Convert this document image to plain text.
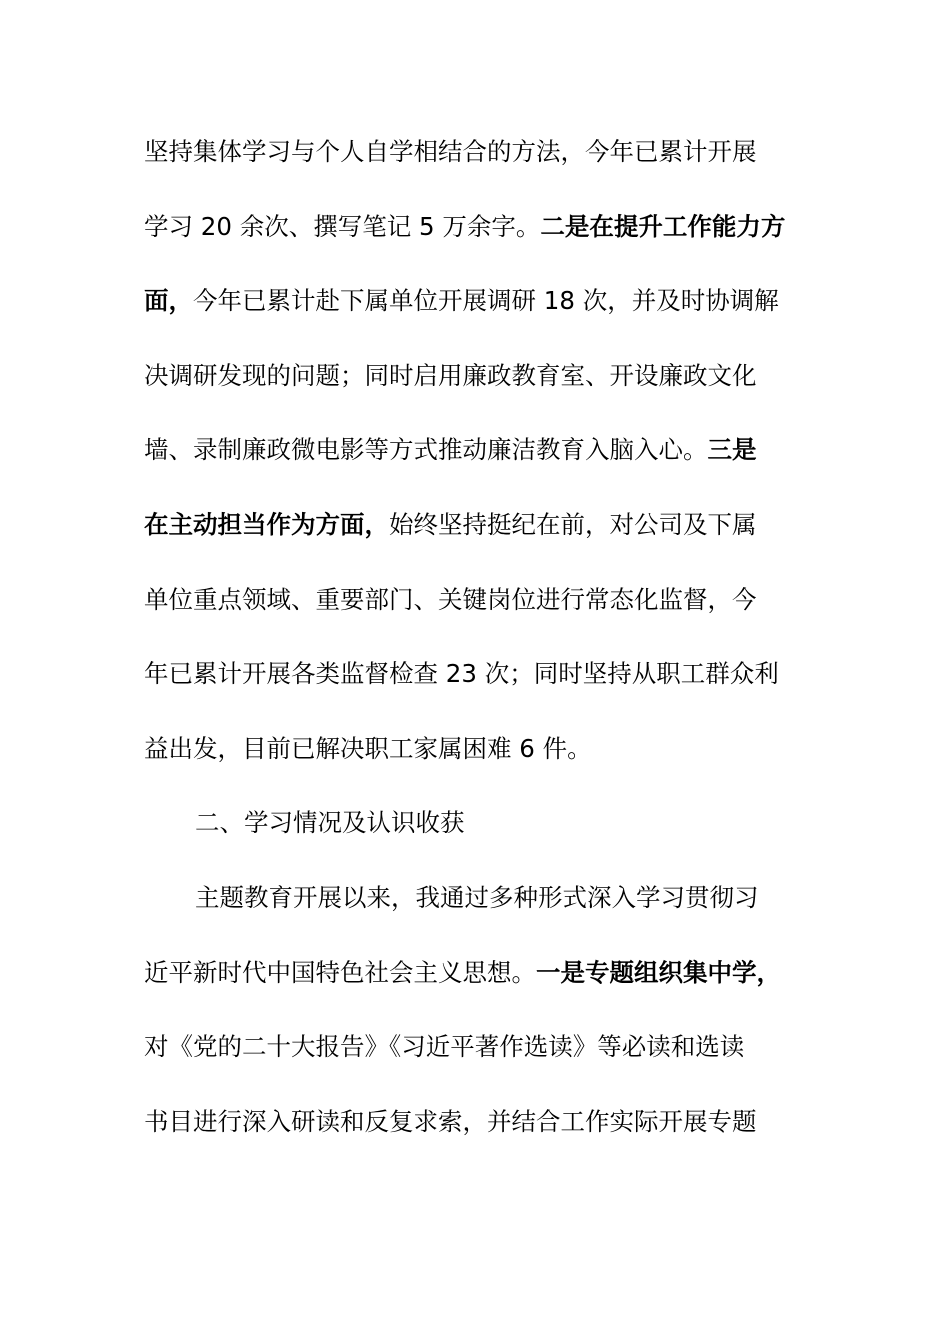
坚持集体学习与个人自学相结合的方法，今年已累计开展
学习 20 余次、撰写笔记 5 万余字。二是在提升工作能力方
面，今年已累计赴下属单位开展调研 18 次，并及时协调解
决调研发现的问题；同时启用廉政教育室、开设廉政文化
墙、录制廉政微电影等方式推动廉洁教育入脑入心。三是
在主动担当作为方面，始终坚持挺纪在前，对公司及下属
单位重点领域、重要部门、关键岗位进行常态化监督，今
年已累计开展各类监督检查 23 次；同时坚持从职工群众利
益出发，目前已解决职工家属困难 6 件。
二、学习情况及认识收获
主题教育开展以来，我通过多种形式深入学习贯彻习
近平新时代中国特色社会主义思想。一是专题组织集中学，
对《党的二十大报告》《习近平著作选读》等必读和选读
书目进行深入研读和反复求索，并结合工作实际开展专题
